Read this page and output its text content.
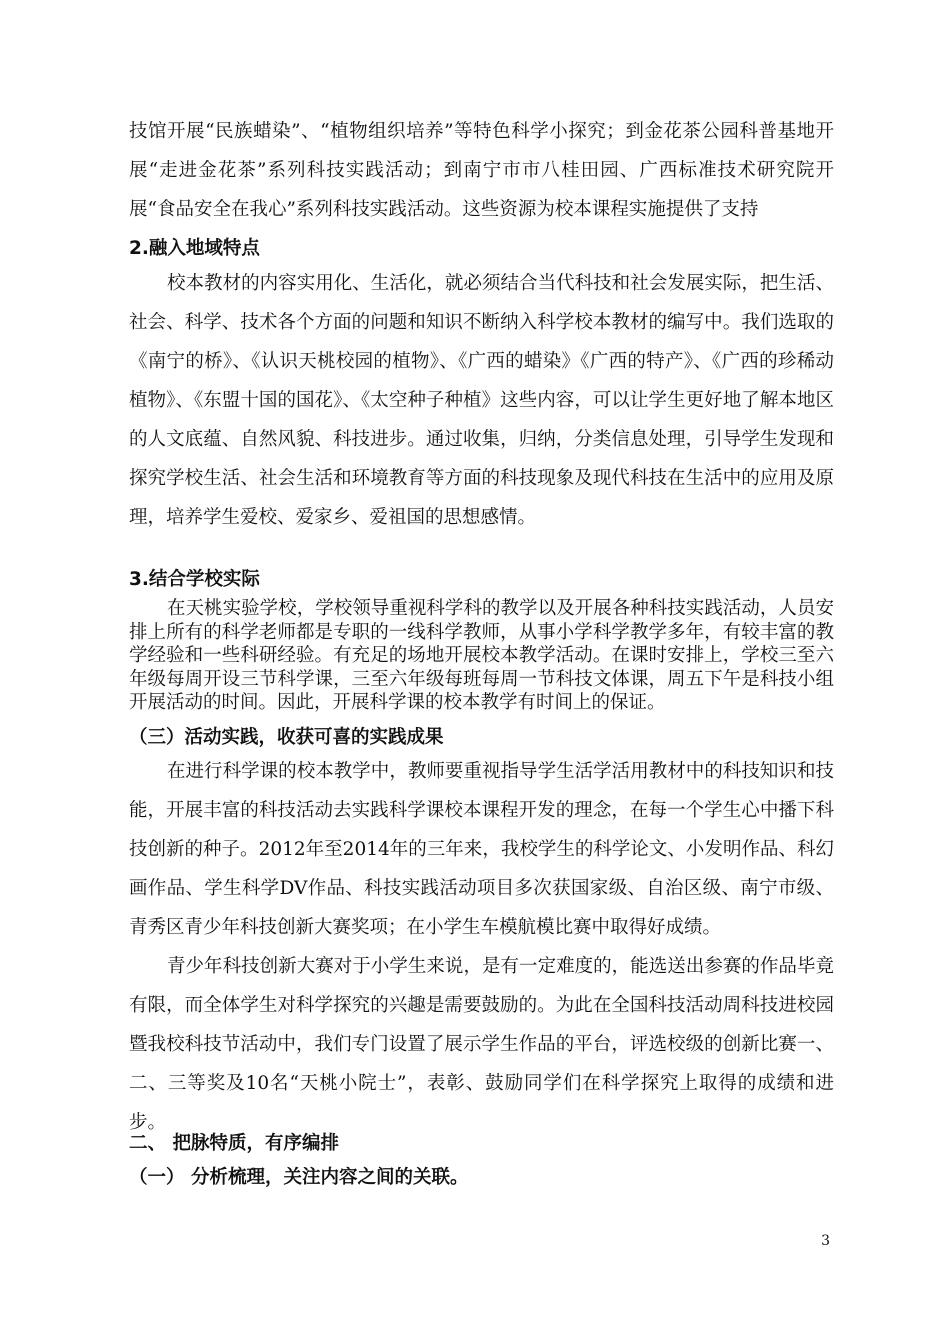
技馆开展“民族蜡染”、“植物组织培养”等特色科学小探究；到金花茶公园科普基地开展“走进金花茶”系列科技实践活动；到南宁市市八桂田园、广西标准技术研究院开展“食品安全在我心”系列科技实践活动。这些资源为校本课程实施提供了支持

2.融入地域特点

校本教材的内容实用化、生活化，就必须结合当代科技和社会发展实际，把生活、社会、科学、技术各个方面的问题和知识不断纳入科学校本教材的编写中。我们选取的《南宁的桥》、《认识天桃校园的植物》、《广西的蜡染》《广西的特产》、《广西的珍稀动植物》、《东盟十国的国花》、《太空种子种植》这些内容，可以让学生更好地了解本地区的人文底蕴、自然风貌、科技进步。通过收集，归纳，分类信息处理，引导学生发现和探究学校生活、社会生活和环境教育等方面的科技现象及现代科技在生活中的应用及原理，培养学生爱校、爱家乡、爱祖国的思想感情。

3.结合学校实际

在天桃实验学校，学校领导重视科学科的教学以及开展各种科技实践活动，人员安排上所有的科学老师都是专职的一线科学教师，从事小学科学教学多年，有较丰富的教学经验和一些科研经验。有充足的场地开展校本教学活动。在课时安排上，学校三至六年级每周开设三节科学课，三至六年级每班每周一节科技文体课，周五下午是科技小组开展活动的时间。因此，开展科学课的校本教学有时间上的保证。

（三）活动实践，收获可喜的实践成果

在进行科学课的校本教学中，教师要重视指导学生活学活用教材中的科技知识和技能，开展丰富的科技活动去实践科学课校本课程开发的理念，在每一个学生心中播下科技创新的种子。2012年至2014年的三年来，我校学生的科学论文、小发明作品、科幻画作品、学生科学DV作品、科技实践活动项目多次获国家级、自治区级、南宁市级、青秀区青少年科技创新大赛奖项；在小学生车模航模比赛中取得好成绩。

青少年科技创新大赛对于小学生来说，是有一定难度的，能选送出参赛的作品毕竟有限，而全体学生对科学探究的兴趣是需要鼓励的。为此在全国科技活动周科技进校园暨我校科技节活动中，我们专门设置了展示学生作品的平台，评选校级的创新比赛一、二、三等奖及10名“天桃小院士”，表彰、鼓励同学们在科学探究上取得的成绩和进步。

二、 把脉特质，有序编排
（一） 分析梳理，关注内容之间的关联。
3
